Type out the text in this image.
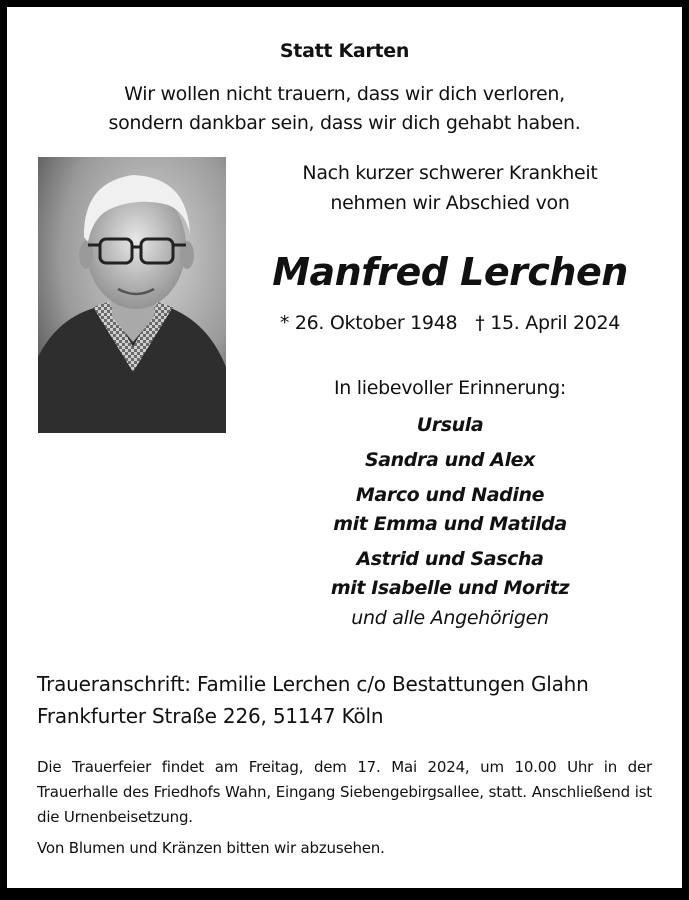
Statt Karten
Wir wollen nicht trauern, dass wir dich verloren,
sondern dankbar sein, dass wir dich gehabt haben.
Nach kurzer schwerer Krankheit
nehmen wir Abschied von
Manfred Lerchen
* 26. Oktober 1948 † 15. April 2024
In liebevoller Erinnerung:
Ursula
Sandra und Alex
Marco und Nadine
mit Emma und Matilda
Astrid und Sascha
mit Isabelle und Moritz
und alle Angehörigen
Traueranschrift: Familie Lerchen c/o Bestattungen Glahn
Frankfurter Straße 226, 51147 Köln
Die Trauerfeier findet am Freitag, dem 17. Mai 2024, um 10.00 Uhr in der Trauerhalle des Friedhofs Wahn, Eingang Siebengebirgsallee, statt. Anschließend ist die Urnenbeisetzung.
Von Blumen und Kränzen bitten wir abzusehen.
